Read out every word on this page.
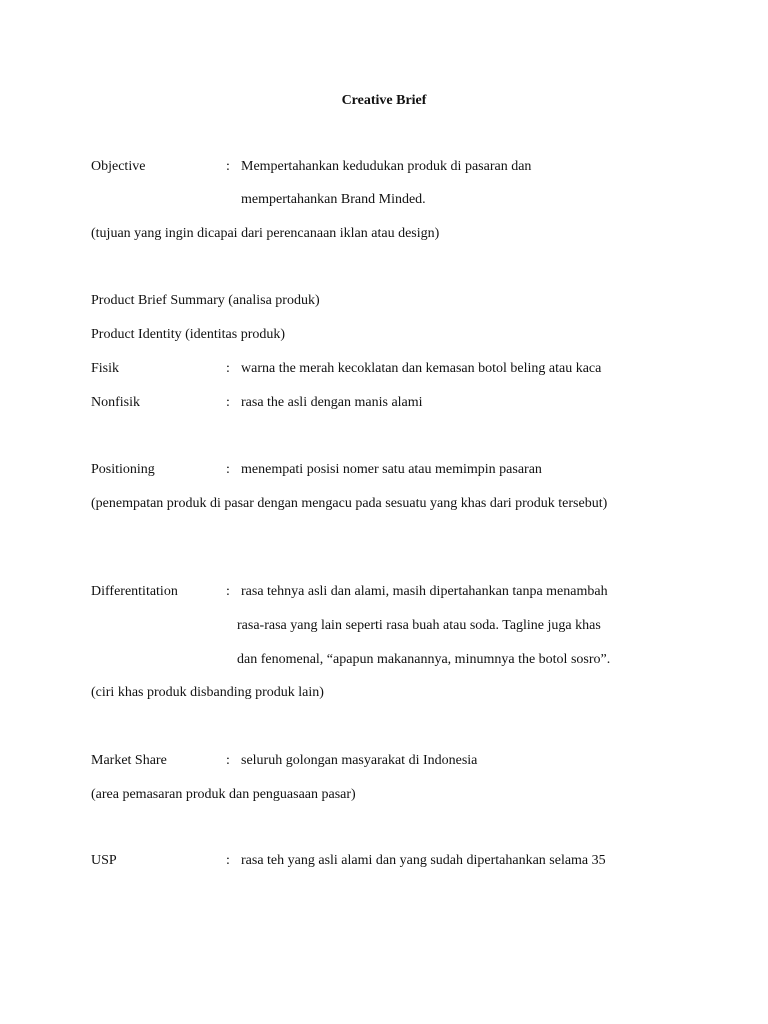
Creative Brief
Objective	: Mempertahankan kedudukan produk di pasaran dan
mempertahankan Brand Minded.
(tujuan yang ingin dicapai dari perencanaan iklan atau design)
Product Brief Summary (analisa produk)
Product Identity (identitas produk)
Fisik	: warna the merah kecoklatan dan kemasan botol beling atau kaca
Nonfisik	: rasa the asli dengan manis alami
Positioning	: menempati posisi nomer satu atau memimpin pasaran
(penempatan produk di pasar dengan mengacu pada sesuatu yang khas dari produk tersebut)
Differentitation	: rasa tehnya asli dan alami, masih dipertahankan tanpa menambah
rasa-rasa yang lain seperti rasa buah atau soda. Tagline juga khas
dan fenomenal, “apapun makanannya, minumnya the botol sosro”.
(ciri khas produk disbanding produk lain)
Market Share	: seluruh golongan masyarakat di Indonesia
(area pemasaran produk dan penguasaan pasar)
USP	: rasa teh yang asli alami dan yang sudah dipertahankan selama 35
